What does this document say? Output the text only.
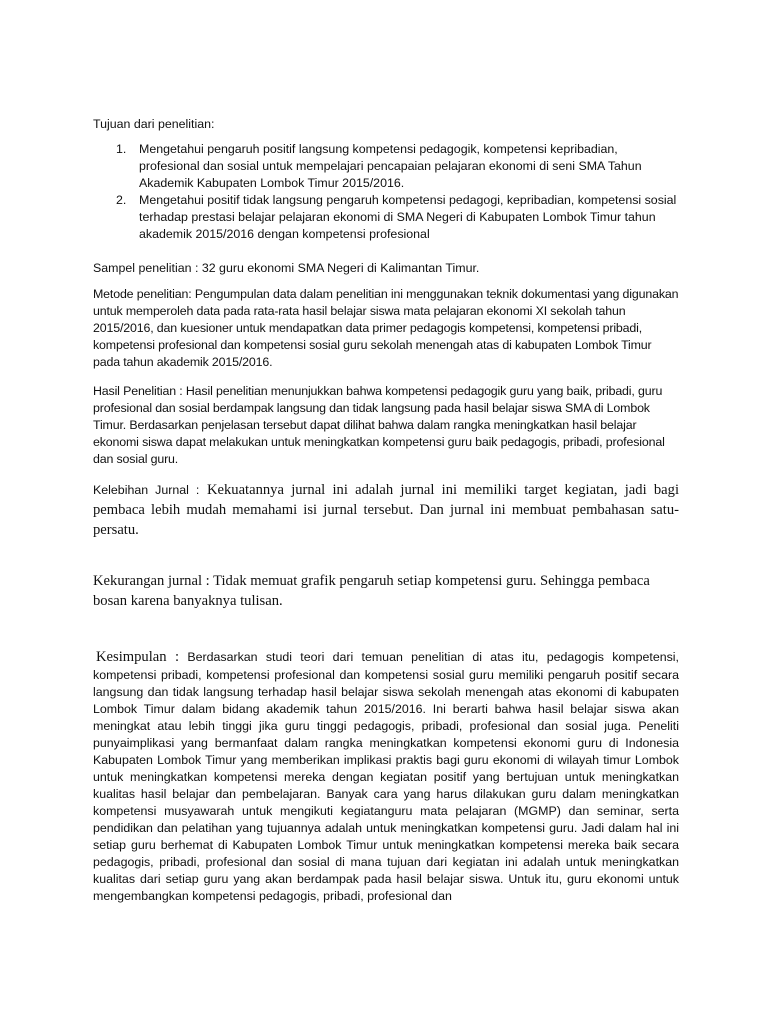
Tujuan dari penelitian:

1. Mengetahui pengaruh positif langsung kompetensi pedagogik, kompetensi kepribadian, profesional dan sosial untuk mempelajari pencapaian pelajaran ekonomi di seni SMA Tahun Akademik Kabupaten Lombok Timur 2015/2016.
2. Mengetahui positif tidak langsung pengaruh kompetensi pedagogi, kepribadian, kompetensi sosial terhadap prestasi belajar pelajaran ekonomi di SMA Negeri di Kabupaten Lombok Timur tahun akademik 2015/2016 dengan kompetensi profesional

Sampel penelitian : 32 guru ekonomi SMA Negeri di Kalimantan Timur.

Metode penelitian: Pengumpulan data dalam penelitian ini menggunakan teknik dokumentasi yang digunakan untuk memperoleh data pada rata-rata hasil belajar siswa mata pelajaran ekonomi XI sekolah tahun 2015/2016, dan kuesioner untuk mendapatkan data primer pedagogis kompetensi, kompetensi pribadi, kompetensi profesional dan kompetensi sosial guru sekolah menengah atas di kabupaten Lombok Timur pada tahun akademik 2015/2016.

Hasil Penelitian : Hasil penelitian menunjukkan bahwa kompetensi pedagogik guru yang baik, pribadi, guru profesional dan sosial berdampak langsung dan tidak langsung pada hasil belajar siswa SMA di Lombok Timur. Berdasarkan penjelasan tersebut dapat dilihat bahwa dalam rangka meningkatkan hasil belajar ekonomi siswa dapat melakukan untuk meningkatkan kompetensi guru baik pedagogis, pribadi, profesional dan sosial guru.

Kelebihan Jurnal : Kekuatannya jurnal ini adalah jurnal ini memiliki target kegiatan, jadi bagi pembaca lebih mudah memahami isi jurnal tersebut. Dan jurnal ini membuat pembahasan satu-persatu.

Kekurangan jurnal : Tidak memuat grafik pengaruh setiap kompetensi guru. Sehingga pembaca bosan karena banyaknya tulisan.

Kesimpulan : Berdasarkan studi teori dari temuan penelitian di atas itu, pedagogis kompetensi, kompetensi pribadi, kompetensi profesional dan kompetensi sosial guru memiliki pengaruh positif secara langsung dan tidak langsung terhadap hasil belajar siswa sekolah menengah atas ekonomi di kabupaten Lombok Timur dalam bidang akademik tahun 2015/2016. Ini berarti bahwa hasil belajar siswa akan meningkat atau lebih tinggi jika guru tinggi pedagogis, pribadi, profesional dan sosial juga. Peneliti punyaimplikasi yang bermanfaat dalam rangka meningkatkan kompetensi ekonomi guru di Indonesia Kabupaten Lombok Timur yang memberikan implikasi praktis bagi guru ekonomi di wilayah timur Lombok untuk meningkatkan kompetensi mereka dengan kegiatan positif yang bertujuan untuk meningkatkan kualitas hasil belajar dan pembelajaran. Banyak cara yang harus dilakukan guru dalam meningkatkan kompetensi musyawarah untuk mengikuti kegiatanguru mata pelajaran (MGMP) dan seminar, serta pendidikan dan pelatihan yang tujuannya adalah untuk meningkatkan kompetensi guru. Jadi dalam hal ini setiap guru berhemat di Kabupaten Lombok Timur untuk meningkatkan kompetensi mereka baik secara pedagogis, pribadi, profesional dan sosial di mana tujuan dari kegiatan ini adalah untuk meningkatkan kualitas dari setiap guru yang akan berdampak pada hasil belajar siswa. Untuk itu, guru ekonomi untuk mengembangkan kompetensi pedagogis, pribadi, profesional dan
